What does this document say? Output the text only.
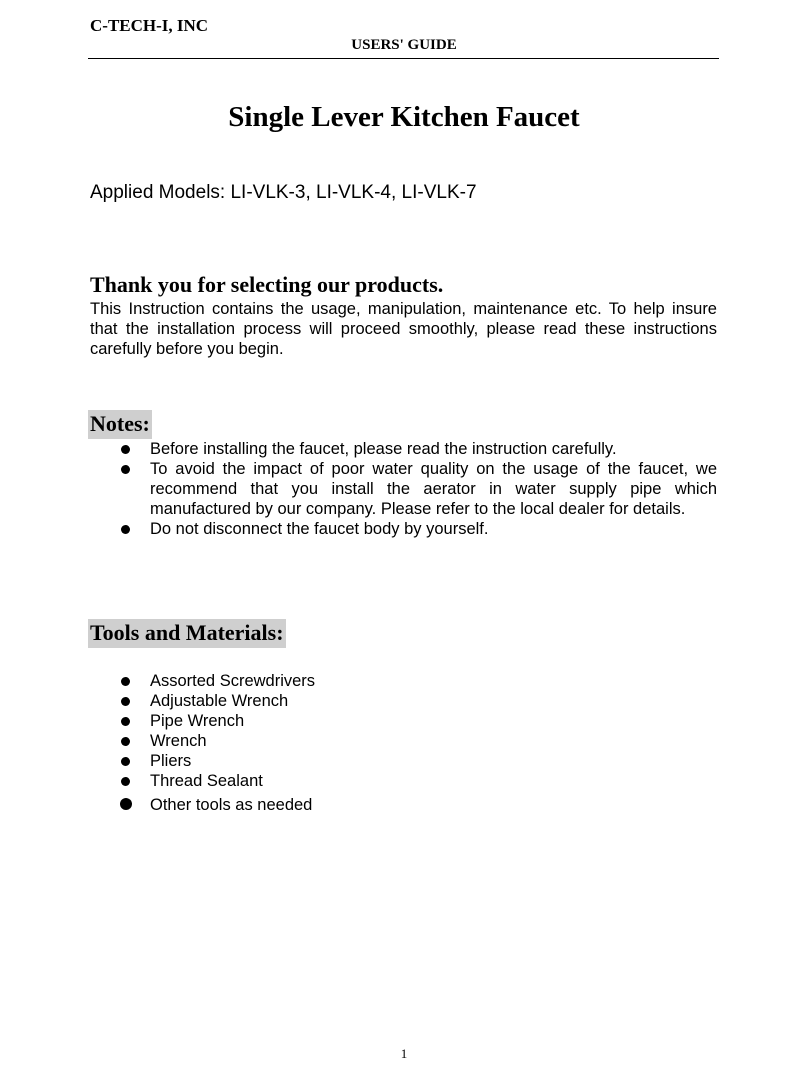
C-TECH-I, INC
USERS' GUIDE
Single Lever Kitchen Faucet
Applied Models: LI-VLK-3, LI-VLK-4, LI-VLK-7
Thank you for selecting our products.
This Instruction contains the usage, manipulation, maintenance etc. To help insure that the installation process will proceed smoothly, please read these instructions carefully before you begin.
Notes:
Before installing the faucet, please read the instruction carefully.
To avoid the impact of poor water quality on the usage of the faucet, we recommend that you install the aerator in water supply pipe which manufactured by our company. Please refer to the local dealer for details.
Do not disconnect the faucet body by yourself.
Tools and Materials:
Assorted Screwdrivers
Adjustable Wrench
Pipe Wrench
Wrench
Pliers
Thread Sealant
Other tools as needed
1
